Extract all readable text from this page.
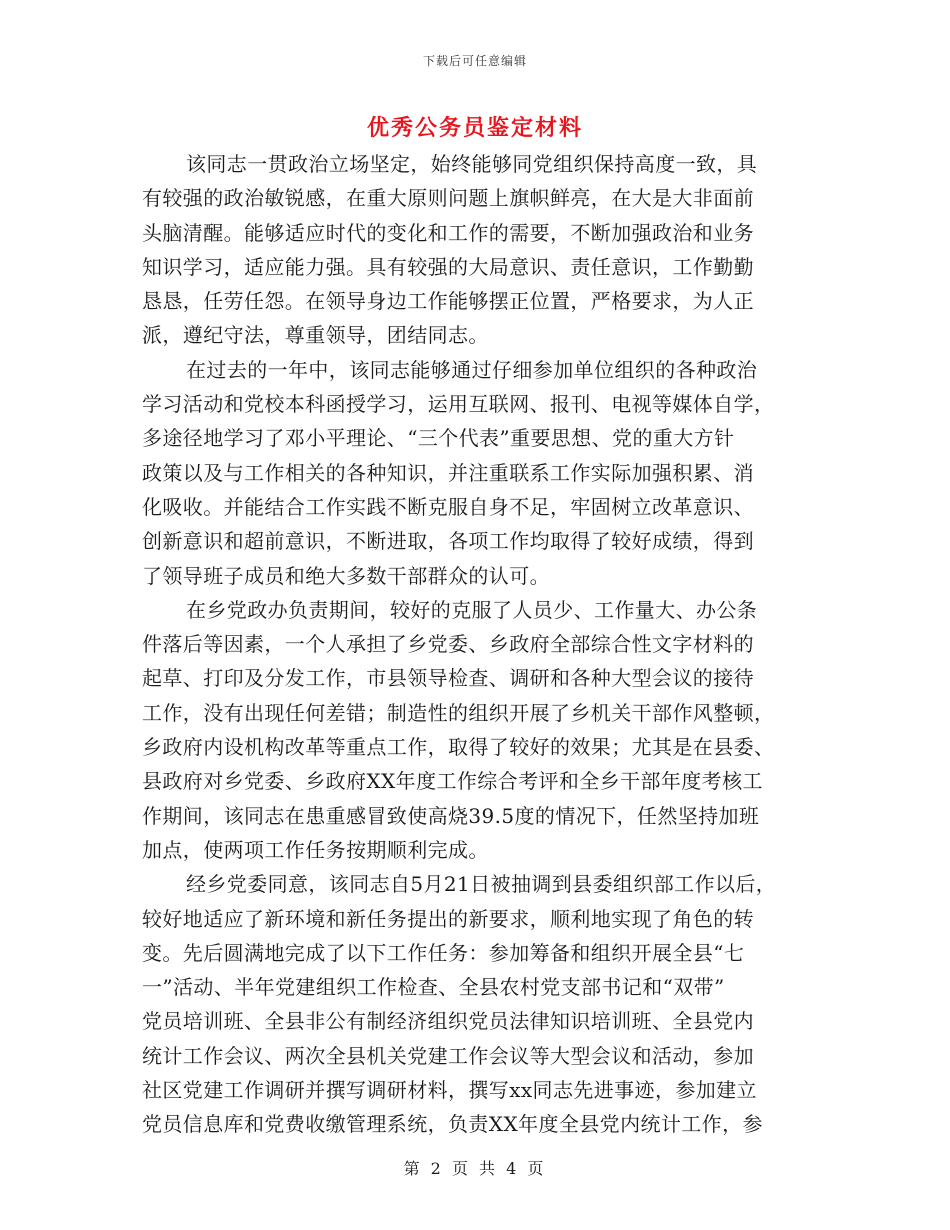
下载后可任意编辑
优秀公务员鉴定材料
该同志一贯政治立场坚定，始终能够同党组织保持高度一致，具
有较强的政治敏锐感，在重大原则问题上旗帜鲜亮，在大是大非面前
头脑清醒。能够适应时代的变化和工作的需要，不断加强政治和业务
知识学习，适应能力强。具有较强的大局意识、责任意识，工作勤勤
恳恳，任劳任怨。在领导身边工作能够摆正位置，严格要求，为人正
派，遵纪守法，尊重领导，团结同志。
在过去的一年中，该同志能够通过仔细参加单位组织的各种政治
学习活动和党校本科函授学习，运用互联网、报刊、电视等媒体自学，
多途径地学习了邓小平理论、“三个代表”重要思想、党的重大方针
政策以及与工作相关的各种知识，并注重联系工作实际加强积累、消
化吸收。并能结合工作实践不断克服自身不足，牢固树立改革意识、
创新意识和超前意识，不断进取，各项工作均取得了较好成绩，得到
了领导班子成员和绝大多数干部群众的认可。
在乡党政办负责期间，较好的克服了人员少、工作量大、办公条
件落后等因素，一个人承担了乡党委、乡政府全部综合性文字材料的
起草、打印及分发工作，市县领导检查、调研和各种大型会议的接待
工作，没有出现任何差错；制造性的组织开展了乡机关干部作风整顿，
乡政府内设机构改革等重点工作，取得了较好的效果；尤其是在县委、
县政府对乡党委、乡政府XX年度工作综合考评和全乡干部年度考核工
作期间，该同志在患重感冒致使高烧39.5度的情况下，任然坚持加班
加点，使两项工作任务按期顺利完成。
经乡党委同意，该同志自5月21日被抽调到县委组织部工作以后，
较好地适应了新环境和新任务提出的新要求，顺利地实现了角色的转
变。先后圆满地完成了以下工作任务：参加筹备和组织开展全县“七
一”活动、半年党建组织工作检查、全县农村党支部书记和“双带”
党员培训班、全县非公有制经济组织党员法律知识培训班、全县党内
统计工作会议、两次全县机关党建工作会议等大型会议和活动，参加
社区党建工作调研并撰写调研材料，撰写xx同志先进事迹，参加建立
党员信息库和党费收缴管理系统，负责XX年度全县党内统计工作，参
第 2 页 共 4 页
